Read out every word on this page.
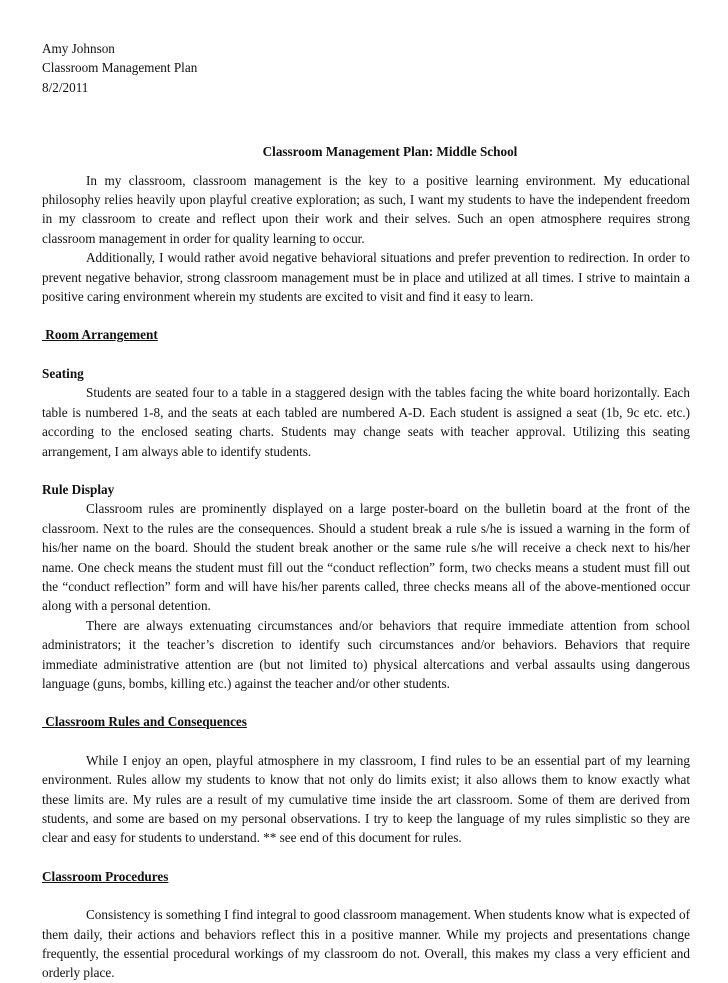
Amy Johnson
Classroom Management Plan
8/2/2011
Classroom Management Plan: Middle School

In my classroom, classroom management is the key to a positive learning environment. My educational philosophy relies heavily upon playful creative exploration; as such, I want my students to have the independent freedom in my classroom to create and reflect upon their work and their selves. Such an open atmosphere requires strong classroom management in order for quality learning to occur.

Additionally, I would rather avoid negative behavioral situations and prefer prevention to redirection. In order to prevent negative behavior, strong classroom management must be in place and utilized at all times. I strive to maintain a positive caring environment wherein my students are excited to visit and find it easy to learn.

Room Arrangement
Seating

Students are seated four to a table in a staggered design with the tables facing the white board horizontally. Each table is numbered 1-8, and the seats at each tabled are numbered A-D. Each student is assigned a seat (1b, 9c etc. etc.) according to the enclosed seating charts. Students may change seats with teacher approval. Utilizing this seating arrangement, I am always able to identify students.

Rule Display

Classroom rules are prominently displayed on a large poster-board on the bulletin board at the front of the classroom. Next to the rules are the consequences. Should a student break a rule s/he is issued a warning in the form of his/her name on the board. Should the student break another or the same rule s/he will receive a check next to his/her name. One check means the student must fill out the “conduct reflection” form, two checks means a student must fill out the “conduct reflection” form and will have his/her parents called, three checks means all of the above-mentioned occur along with a personal detention.

There are always extenuating circumstances and/or behaviors that require immediate attention from school administrators; it the teacher’s discretion to identify such circumstances and/or behaviors. Behaviors that require immediate administrative attention are (but not limited to) physical altercations and verbal assaults using dangerous language (guns, bombs, killing etc.) against the teacher and/or other students.

Classroom Rules and Consequences

While I enjoy an open, playful atmosphere in my classroom, I find rules to be an essential part of my learning environment. Rules allow my students to know that not only do limits exist; it also allows them to know exactly what these limits are. My rules are a result of my cumulative time inside the art classroom. Some of them are derived from students, and some are based on my personal observations. I try to keep the language of my rules simplistic so they are clear and easy for students to understand. ** see end of this document for rules.

Classroom Procedures

Consistency is something I find integral to good classroom management. When students know what is expected of them daily, their actions and behaviors reflect this in a positive manner. While my projects and presentations change frequently, the essential procedural workings of my classroom do not. Overall, this makes my class a very efficient and orderly place.
